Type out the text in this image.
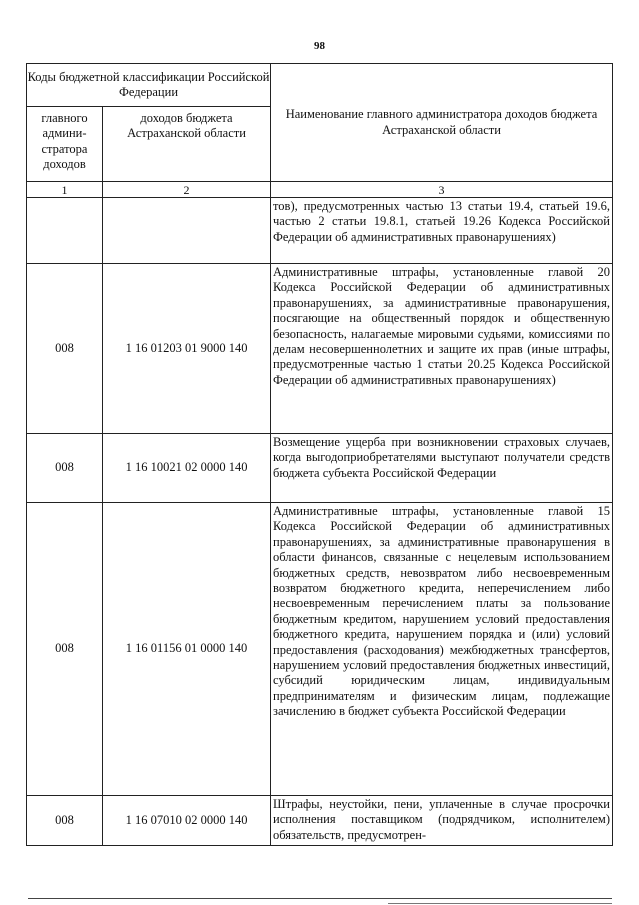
98
Коды бюджетной классификации Российской Федерации		Наименование главного администратора доходов бюджета Астраханской области
главного админи-стратора доходов	доходов бюджета Астраханской области	
1	2	3
		тов), предусмотренных частью 13 статьи 19.4, статьей 19.6, частью 2 статьи 19.8.1, статьей 19.26 Кодекса Российской Федерации об административных правонарушениях)
008	1 16 01203 01 9000 140	Административные штрафы, установленные главой 20 Кодекса Российской Федерации об административных правонарушениях, за административные правонарушения, посягающие на общественный порядок и общественную безопасность, налагаемые мировыми судьями, комиссиями по делам несовершеннолетних и защите их прав (иные штрафы, предусмотренные частью 1 статьи 20.25 Кодекса Российской Федерации об административных правонарушениях)
008	1 16 10021 02 0000 140	Возмещение ущерба при возникновении страховых случаев, когда выгодоприобретателями выступают получатели средств бюджета субъекта Российской Федерации
008	1 16 01156 01 0000 140	Административные штрафы, установленные главой 15 Кодекса Российской Федерации об административных правонарушениях, за административные правонарушения в области финансов, связанные с нецелевым использованием бюджетных средств, невозвратом либо несвоевременным возвратом бюджетного кредита, неперечислением либо несвоевременным перечислением платы за пользование бюджетным кредитом, нарушением условий предоставления бюджетного кредита, нарушением порядка и (или) условий предоставления (расходования) межбюджетных трансфертов, нарушением условий предоставления бюджетных инвестиций, субсидий юридическим лицам, индивидуальным предпринимателям и физическим лицам, подлежащие зачислению в бюджет субъекта Российской Федерации
008	1 16 07010 02 0000 140	Штрафы, неустойки, пени, уплаченные в случае просрочки исполнения поставщиком (подрядчиком, исполнителем) обязательств, предусмотрен-
